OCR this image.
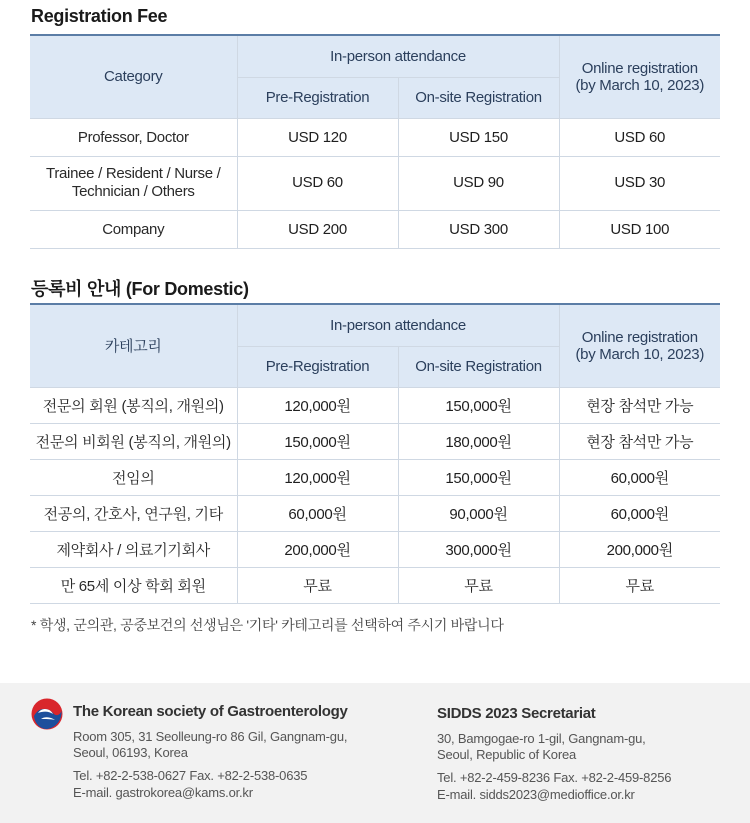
Registration Fee
Category	In-person attendance		Online registration
(by March 10, 2023)

	Pre-Registration	On-site Registration	
Professor, Doctor	USD 120	USD 150	USD 60

Trainee / Resident / Nurse /
Technician / Others	USD 60	USD 90	USD 30
Company	USD 200	USD 300	USD 100
등록비 안내 (For Domestic)
카테고리	In-person attendance		Online registration
(by March 10, 2023)

	Pre-Registration	On-site Registration	
전문의 회원 (봉직의, 개원의)	120,000원	150,000원	현장 참석만 가능
전문의 비회원 (봉직의, 개원의)	150,000원	180,000원	현장 참석만 가능
전임의	120,000원	150,000원	60,000원
전공의, 간호사, 연구원, 기타	60,000원	90,000원	60,000원
제약회사 / 의료기기회사	200,000원	300,000원	200,000원
만 65세 이상 학회 회원	무료	무료	무료
* 학생, 군의관, 공중보건의 선생님은 '기타' 카테고리를 선택하여 주시기 바랍니다
The Korean society of Gastroenterology
Room 305, 31 Seolleung-ro 86 Gil, Gangnam-gu,
Seoul, 06193, Korea
Tel. +82-2-538-0627 Fax. +82-2-538-0635
E-mail. gastrokorea@kams.or.kr
SIDDS 2023 Secretariat
30, Bamgogae-ro 1-gil, Gangnam-gu,
Seoul, Republic of Korea
Tel. +82-2-459-8236 Fax. +82-2-459-8256
E-mail. sidds2023@medioffice.or.kr
